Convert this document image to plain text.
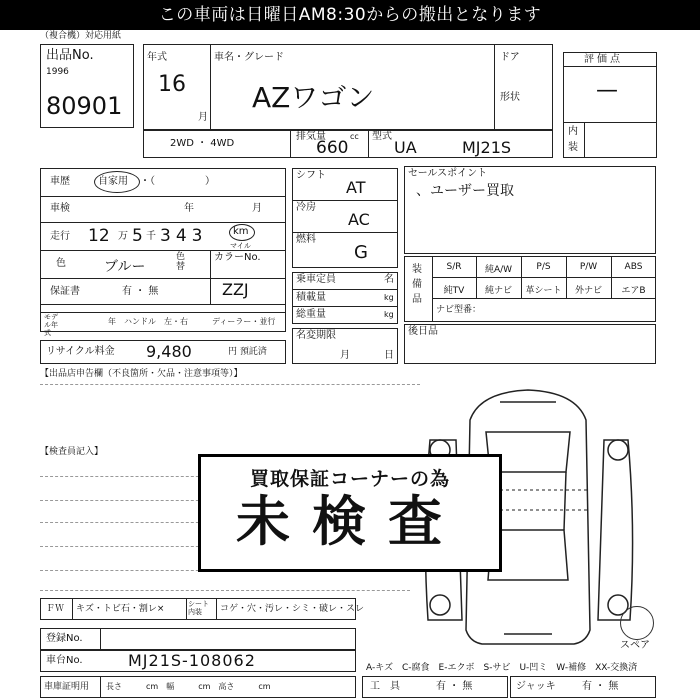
この車両は日曜日AM8:30からの搬出となります
（複合機）対応用紙
出品No.
1996
80901
年式
16
月
車名・グレード
AZワゴン
ドア
形状
評価点
—
内
装
2WD ・ 4WD
排気量	cc
660
型式
UA	MJ21S
車歴	自家用 ・（　　　　　）
車検	年	月
走行 12 万 5 千 343	km
マイル
色	ブルー
色替
カラーNo.
ZZJ
保証書	有 ・ 無
モデル年式
年 ハンドル　左・右	ディーラー・並行
リサイクル料金 9,480	円 預託済
シフト
AT
冷房
AC
燃料
G
乗車定員	名
積載量	kg
総重量	kg
名変期限
月	日
セールスポイント
、ユーザー買取
装備品
S/R	純A/W	P/S	P/W	ABS
純TV	純ナビ	革シート	外ナビ	エアB
ナビ型番：
後日品
【出品店申告欄（不良箇所・欠品・注意事項等）】
【検査員記入】
スペア
買取保証コーナーの為
未検査
ＦＷ キズ・トビ石・割レ×	シート内装	コゲ・穴・汚レ・シミ・破レ・スレ
登録No.
車台No.	MJ21S-108062	A-キズ　C-腐食　E-エクボ　S-サビ　U-凹ミ　W-補修　XX-交換済
車庫証明用 長さ　　　cm　幅　　　cm　高さ　　　cm	工　具	有 ・ 無	ジャッキ	有 ・ 無
